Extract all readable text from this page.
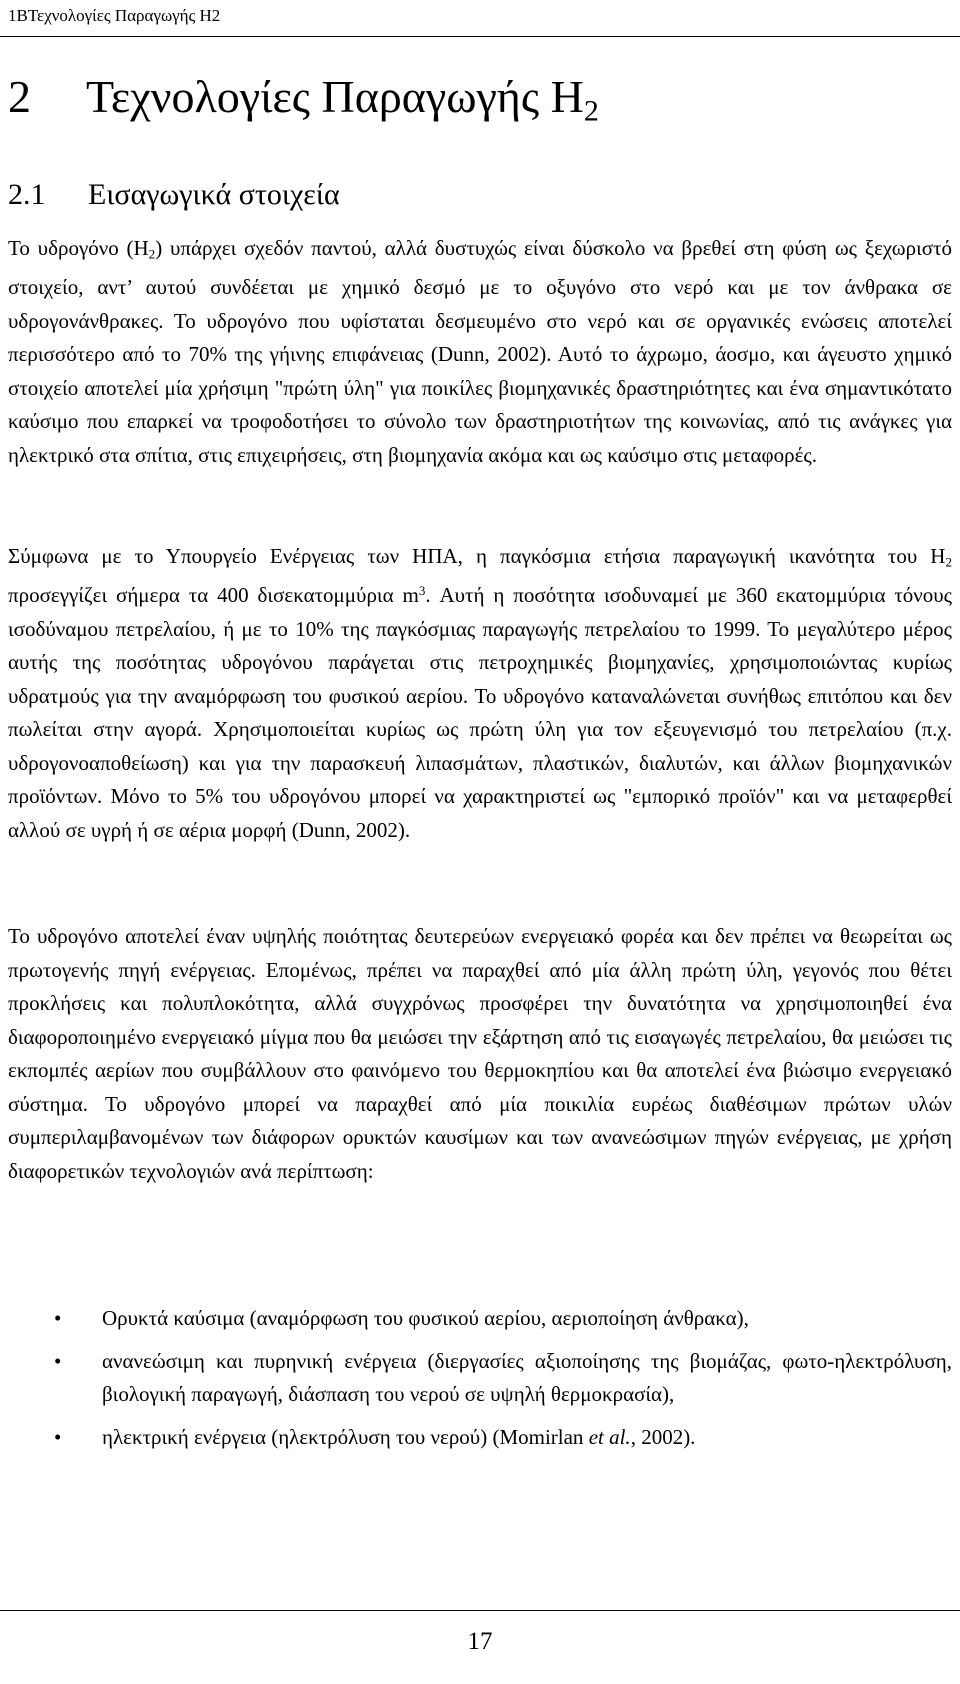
1ΒΤεχνολογίες Παραγωγής Η2
2 Τεχνολογίες Παραγωγής $H_2$
2.1 Εισαγωγικά στοιχεία

Το υδρογόνο $(H_2)$ υπάρχει σχεδόν παντού, αλλά δυστυχώς είναι δύσκολο να βρεθεί στη φύση ως ξεχωριστό στοιχείο, αντ’ αυτού συνδέεται με χημικό δεσμό με το οξυγόνο στο νερό και με τον άνθρακα σε υδρογονάνθρακες. Το υδρογόνο που υφίσταται δεσμευμένο στο νερό και σε οργανικές ενώσεις αποτελεί περισσότερο από το 70% της γήινης επιφάνειας (Dunn, 2002). Αυτό το άχρωμο, άοσμο, και άγευστο χημικό στοιχείο αποτελεί μία χρήσιμη "πρώτη ύλη" για ποικίλες βιομηχανικές δραστηριότητες και ένα σημαντικότατο καύσιμο που επαρκεί να τροφοδοτήσει το σύνολο των δραστηριοτήτων της κοινωνίας, από τις ανάγκες για ηλεκτρικό στα σπίτια, στις επιχειρήσεις, στη βιομηχανία ακόμα και ως καύσιμο στις μεταφορές.

Σύμφωνα με το Υπουργείο Ενέργειας των ΗΠΑ, η παγκόσμια ετήσια παραγωγική ικανότητα του $H_2$ προσεγγίζει σήμερα τα 400 δισεκατομμύρια $m^3$. Αυτή η ποσότητα ισοδυναμεί με 360 εκατομμύρια τόνους ισοδύναμου πετρελαίου, ή με το 10% της παγκόσμιας παραγωγής πετρελαίου το 1999. Το μεγαλύτερο μέρος αυτής της ποσότητας υδρογόνου παράγεται στις πετροχημικές βιομηχανίες, χρησιμοποιώντας κυρίως υδρατμούς για την αναμόρφωση του φυσικού αερίου. Το υδρογόνο καταναλώνεται συνήθως επιτόπου και δεν πωλείται στην αγορά. Χρησιμοποιείται κυρίως ως πρώτη ύλη για τον εξευγενισμό του πετρελαίου (π.χ. υδρογονοαποθείωση) και για την παρασκευή λιπασμάτων, πλαστικών, διαλυτών, και άλλων βιομηχανικών προϊόντων. Μόνο το 5% του υδρογόνου μπορεί να χαρακτηριστεί ως "εμπορικό προϊόν" και να μεταφερθεί αλλού σε υγρή ή σε αέρια μορφή (Dunn, 2002).

Το υδρογόνο αποτελεί έναν υψηλής ποιότητας δευτερεύων ενεργειακό φορέα και δεν πρέπει να θεωρείται ως πρωτογενής πηγή ενέργειας. Επομένως, πρέπει να παραχθεί από μία άλλη πρώτη ύλη, γεγονός που θέτει προκλήσεις και πολυπλοκότητα, αλλά συγχρόνως προσφέρει την δυνατότητα να χρησιμοποιηθεί ένα διαφοροποιημένο ενεργειακό μίγμα που θα μειώσει την εξάρτηση από τις εισαγωγές πετρελαίου, θα μειώσει τις εκπομπές αερίων που συμβάλλουν στο φαινόμενο του θερμοκηπίου και θα αποτελεί ένα βιώσιμο ενεργειακό σύστημα. Το υδρογόνο μπορεί να παραχθεί από μία ποικιλία ευρέως διαθέσιμων πρώτων υλών συμπεριλαμβανομένων των διάφορων ορυκτών καυσίμων και των ανανεώσιμων πηγών ενέργειας, με χρήση διαφορετικών τεχνολογιών ανά περίπτωση:

• Ορυκτά καύσιμα (αναμόρφωση του φυσικού αερίου, αεριοποίηση άνθρακα),
• ανανεώσιμη και πυρηνική ενέργεια (διεργασίες αξιοποίησης της βιομάζας, φωτο-ηλεκτρόλυση, βιολογική παραγωγή, διάσπαση του νερού σε υψηλή θερμοκρασία),
• ηλεκτρική ενέργεια (ηλεκτρόλυση του νερού) (Momirlan et al., 2002).
17
